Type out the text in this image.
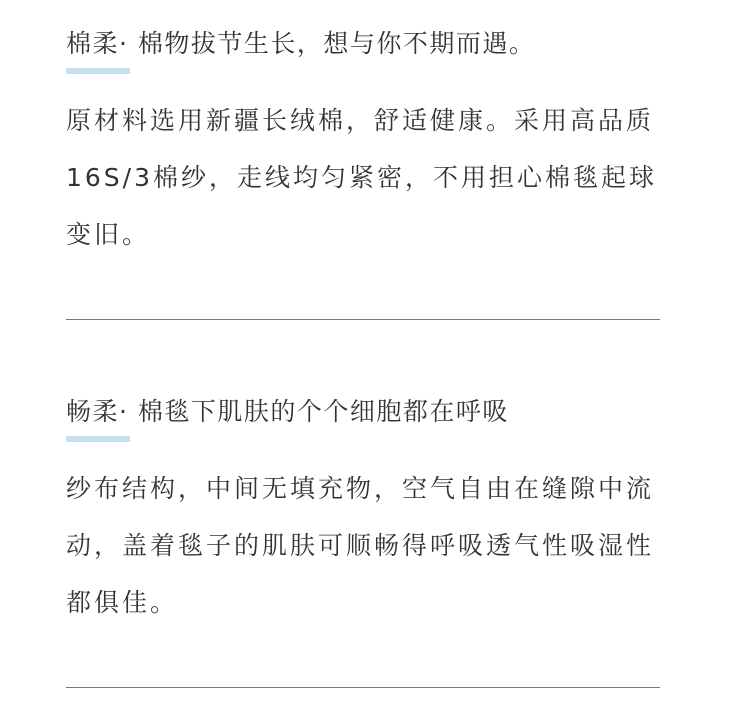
棉柔· 棉物拔节生长，想与你不期而遇。

原材料选用新疆长绒棉，舒适健康。采用高品质16S/3棉纱，走线均匀紧密，不用担心棉毯起球变旧。

畅柔· 棉毯下肌肤的个个细胞都在呼吸

纱布结构，中间无填充物，空气自由在缝隙中流动，盖着毯子的肌肤可顺畅得呼吸透气性吸湿性都俱佳。
